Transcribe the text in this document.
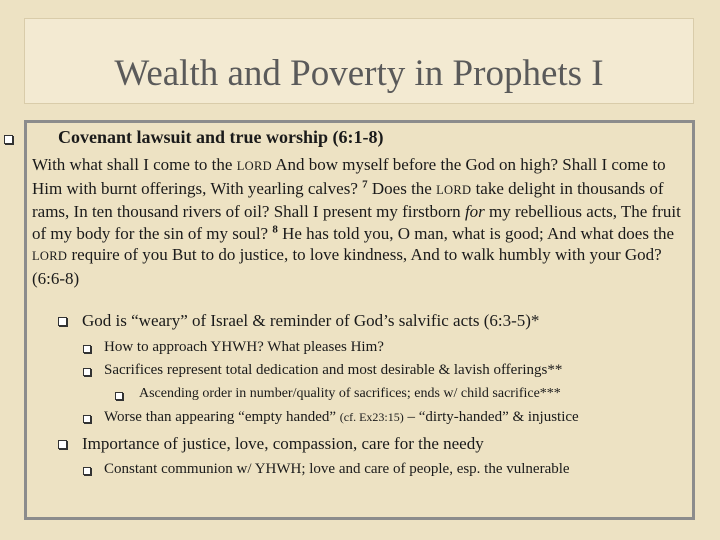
Wealth and Poverty in Prophets I
Covenant lawsuit and true worship (6:1-8)
With what shall I come to the LORD And bow myself before the God on high? Shall I come to Him with burnt offerings, With yearling calves? $^7$ Does the LORD take delight in thousands of rams, In ten thousand rivers of oil? Shall I present my firstborn for my rebellious acts, The fruit of my body for the sin of my soul? $^8$ He has told you, O man, what is good; And what does the LORD require of you But to do justice, to love kindness, And to walk humbly with your God? (6:6-8)
God is “weary” of Israel & reminder of God’s salvific acts (6:3-5)*
How to approach YHWH? What pleases Him?
Sacrifices represent total dedication and most desirable & lavish offerings**
Ascending order in number/quality of sacrifices; ends w/ child sacrifice***
Worse than appearing “empty handed” (cf. Ex23:15) – “dirty-handed” & injustice
Importance of justice, love, compassion, care for the needy
Constant communion w/ YHWH; love and care of people, esp. the vulnerable
